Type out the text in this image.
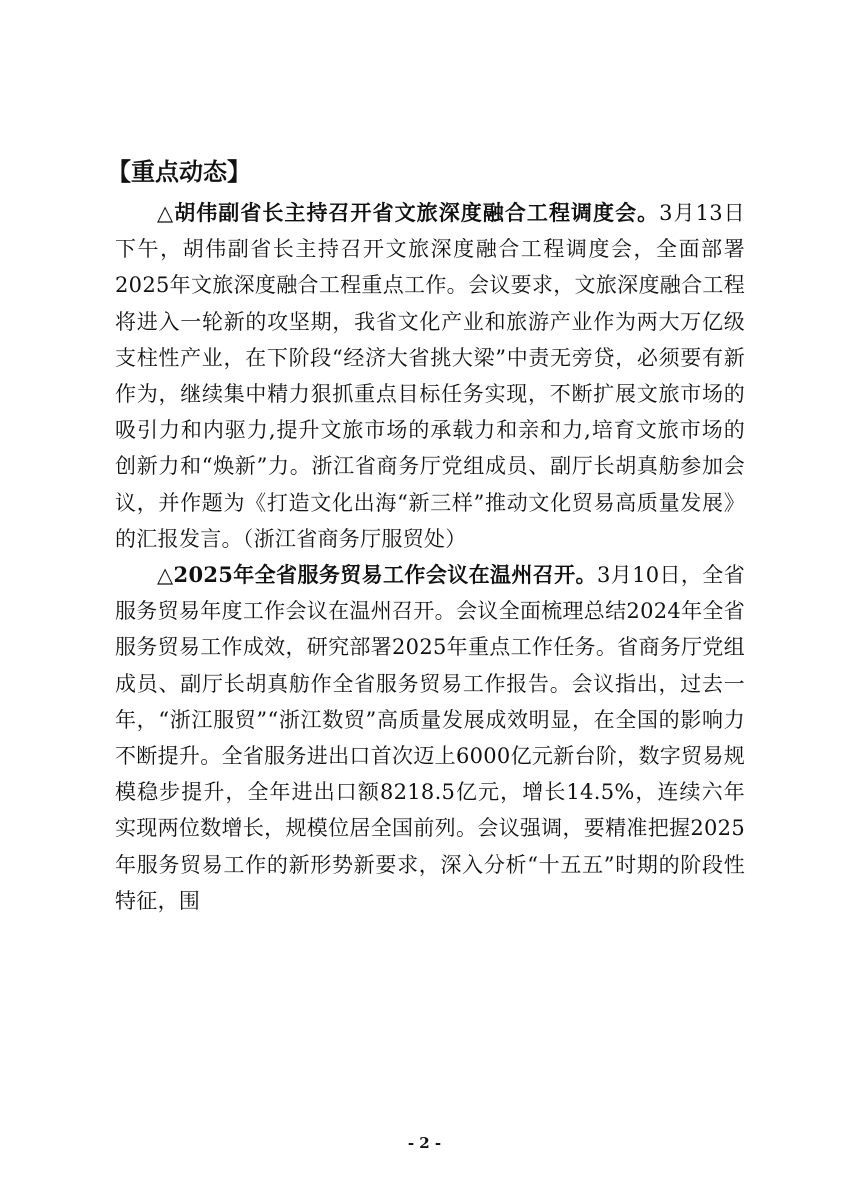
【重点动态】

△胡伟副省长主持召开省文旅深度融合工程调度会。3月13日下午，胡伟副省长主持召开文旅深度融合工程调度会，全面部署2025年文旅深度融合工程重点工作。会议要求，文旅深度融合工程将进入一轮新的攻坚期，我省文化产业和旅游产业作为两大万亿级支柱性产业，在下阶段“经济大省挑大梁”中责无旁贷，必须要有新作为，继续集中精力狠抓重点目标任务实现，不断扩展文旅市场的吸引力和内驱力,提升文旅市场的承载力和亲和力,培育文旅市场的创新力和“焕新”力。浙江省商务厅党组成员、副厅长胡真舫参加会议，并作题为《打造文化出海“新三样”推动文化贸易高质量发展》的汇报发言。（浙江省商务厅服贸处）

△2025年全省服务贸易工作会议在温州召开。3月10日，全省服务贸易年度工作会议在温州召开。会议全面梳理总结2024年全省服务贸易工作成效，研究部署2025年重点工作任务。省商务厅党组成员、副厅长胡真舫作全省服务贸易工作报告。会议指出，过去一年，“浙江服贸”“浙江数贸”高质量发展成效明显，在全国的影响力不断提升。全省服务进出口首次迈上6000亿元新台阶，数字贸易规模稳步提升，全年进出口额8218.5亿元，增长14.5%，连续六年实现两位数增长，规模位居全国前列。会议强调，要精准把握2025年服务贸易工作的新形势新要求，深入分析“十五五”时期的阶段性特征，围

- 2 -
